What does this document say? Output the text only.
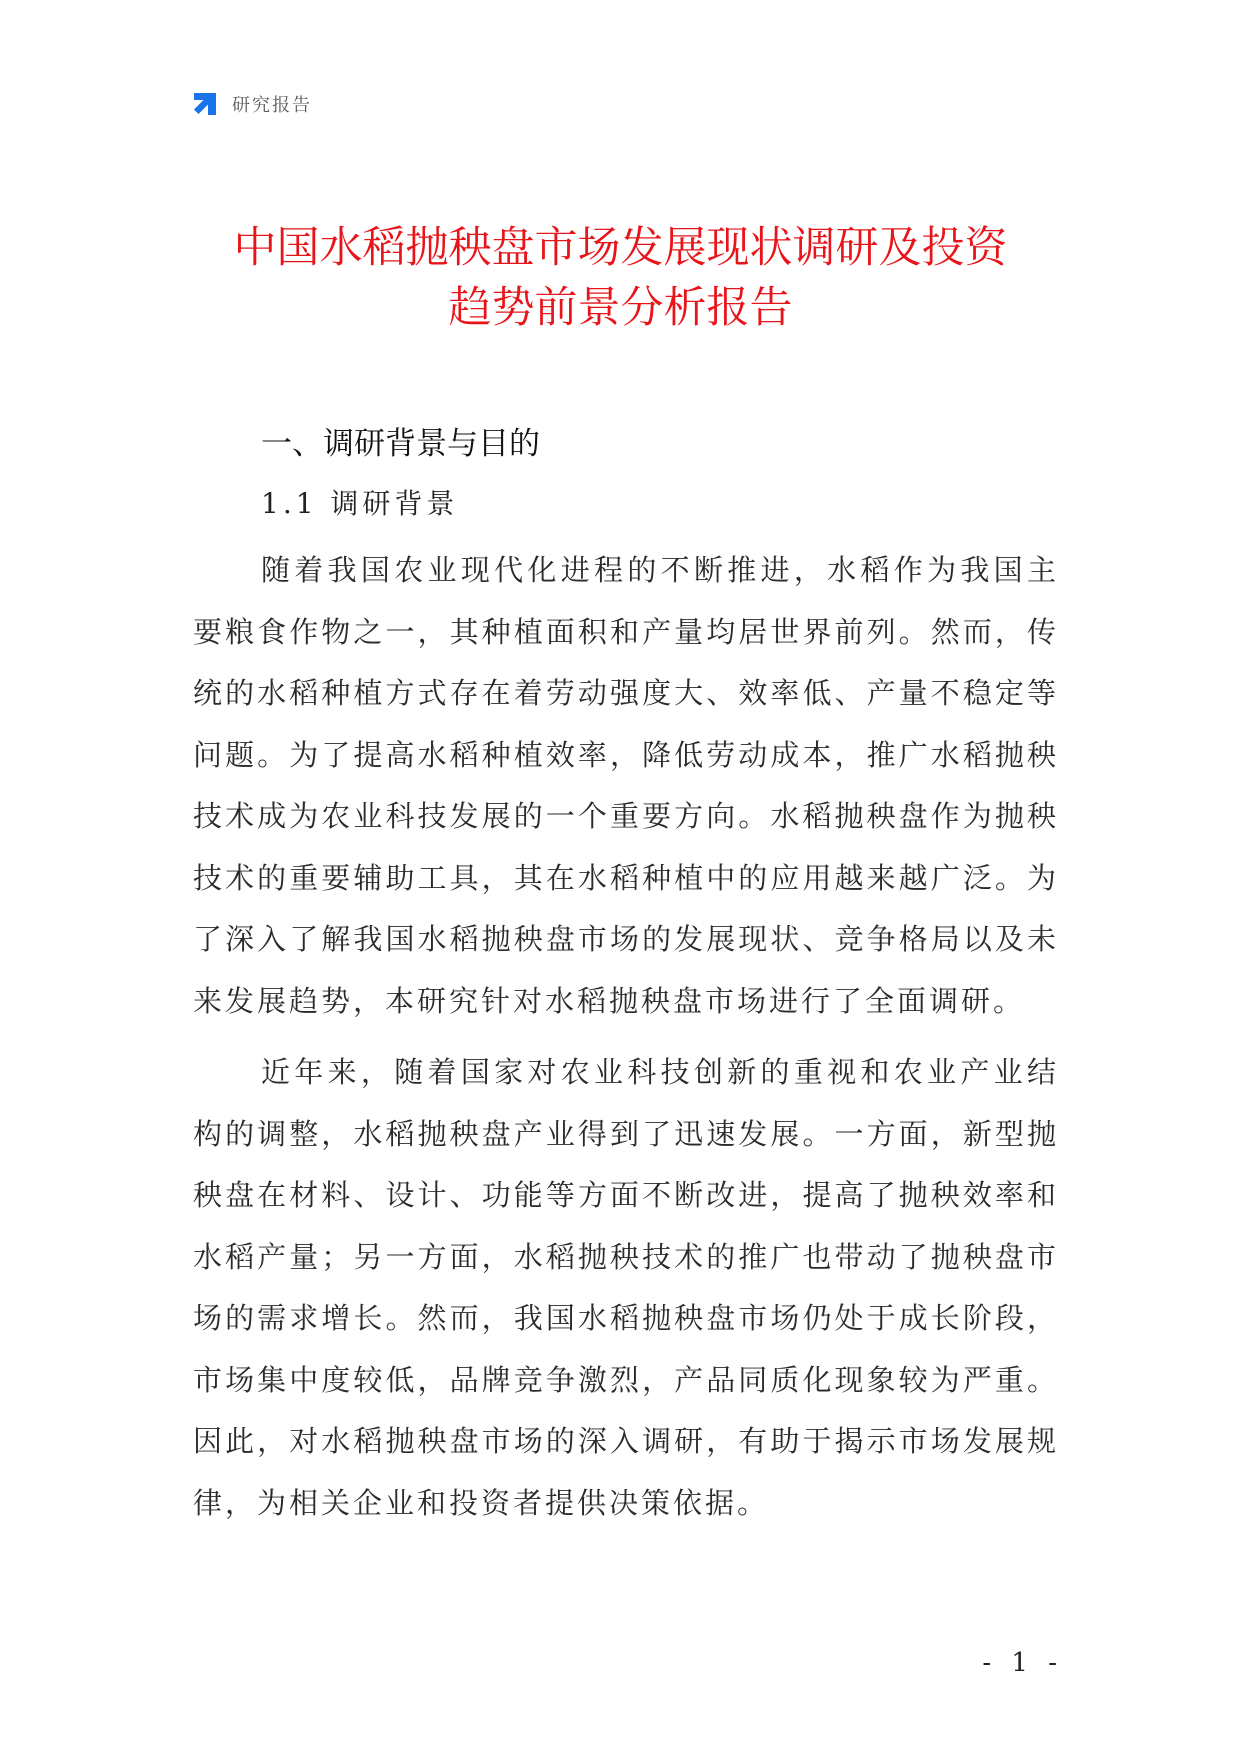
研究报告
中国水稻抛秧盘市场发展现状调研及投资
趋势前景分析报告
一、调研背景与目的
1.1 调研背景

随着我国农业现代化进程的不断推进，水稻作为我国主要粮食作物之一，其种植面积和产量均居世界前列。然而，传统的水稻种植方式存在着劳动强度大、效率低、产量不稳定等问题。为了提高水稻种植效率，降低劳动成本，推广水稻抛秧技术成为农业科技发展的一个重要方向。水稻抛秧盘作为抛秧技术的重要辅助工具，其在水稻种植中的应用越来越广泛。为了深入了解我国水稻抛秧盘市场的发展现状、竞争格局以及未来发展趋势，本研究针对水稻抛秧盘市场进行了全面调研。

近年来，随着国家对农业科技创新的重视和农业产业结构的调整，水稻抛秧盘产业得到了迅速发展。一方面，新型抛秧盘在材料、设计、功能等方面不断改进，提高了抛秧效率和水稻产量；另一方面，水稻抛秧技术的推广也带动了抛秧盘市场的需求增长。然而，我国水稻抛秧盘市场仍处于成长阶段，市场集中度较低，品牌竞争激烈，产品同质化现象较为严重。因此，对水稻抛秧盘市场的深入调研，有助于揭示市场发展规律，为相关企业和投资者提供决策依据。

- 1 -
